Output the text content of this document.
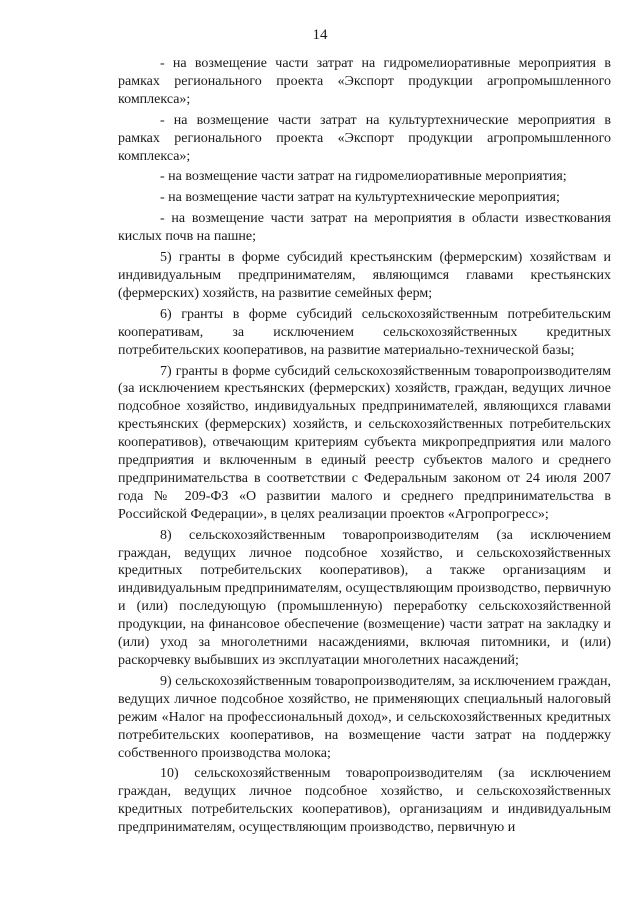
14

- на возмещение части затрат на гидромелиоративные мероприятия в рамках регионального проекта «Экспорт продукции агропромышленного комплекса»;

- на возмещение части затрат на культуртехнические мероприятия в рамках регионального проекта «Экспорт продукции агропромышленного комплекса»;

- на возмещение части затрат на гидромелиоративные мероприятия;

- на возмещение части затрат на культуртехнические мероприятия;

- на возмещение части затрат на мероприятия в области известкования кислых почв на пашне;

5) гранты в форме субсидий крестьянским (фермерским) хозяйствам и индивидуальным предпринимателям, являющимся главами крестьянских (фермерских) хозяйств, на развитие семейных ферм;

6) гранты в форме субсидий сельскохозяйственным потребительским кооперативам, за исключением сельскохозяйственных кредитных потребительских кооперативов, на развитие материально-технической базы;

7) гранты в форме субсидий сельскохозяйственным товаропроизводителям (за исключением крестьянских (фермерских) хозяйств, граждан, ведущих личное подсобное хозяйство, индивидуальных предпринимателей, являющихся главами крестьянских (фермерских) хозяйств, и сельскохозяйственных потребительских кооперативов), отвечающим критериям субъекта микропредприятия или малого предприятия и включенным в единый реестр субъектов малого и среднего предпринимательства в соответствии с Федеральным законом от 24 июля 2007 года № 209-ФЗ «О развитии малого и среднего предпринимательства в Российской Федерации», в целях реализации проектов «Агропрогресс»;

8) сельскохозяйственным товаропроизводителям (за исключением граждан, ведущих личное подсобное хозяйство, и сельскохозяйственных кредитных потребительских кооперативов), а также организациям и индивидуальным предпринимателям, осуществляющим производство, первичную и (или) последующую (промышленную) переработку сельскохозяйственной продукции, на финансовое обеспечение (возмещение) части затрат на закладку и (или) уход за многолетними насаждениями, включая питомники, и (или) раскорчевку выбывших из эксплуатации многолетних насаждений;

9) сельскохозяйственным товаропроизводителям, за исключением граждан, ведущих личное подсобное хозяйство, не применяющих специальный налоговый режим «Налог на профессиональный доход», и сельскохозяйственных кредитных потребительских кооперативов, на возмещение части затрат на поддержку собственного производства молока;

10) сельскохозяйственным товаропроизводителям (за исключением граждан, ведущих личное подсобное хозяйство, и сельскохозяйственных кредитных потребительских кооперативов), организациям и индивидуальным предпринимателям, осуществляющим производство, первичную и
